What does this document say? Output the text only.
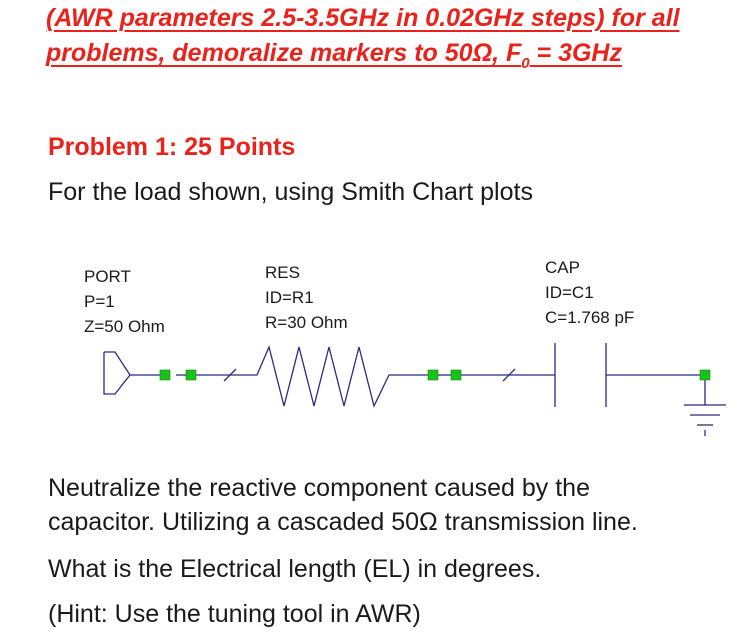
(AWR parameters 2.5-3.5GHz in 0.02GHz steps) for all
problems, demoralize markers to 50Ω, $F_0 = 3GHz$
Problem 1: 25 Points
For the load shown, using Smith Chart plots
PORT
P=1
Z=50 Ohm
RES
ID=R1
R=30 Ohm
CAP
ID=C1
C=1.768 pF
Neutralize the reactive component caused by the
capacitor. Utilizing a cascaded 50Ω transmission line.
What is the Electrical length (EL) in degrees.
(Hint: Use the tuning tool in AWR)
